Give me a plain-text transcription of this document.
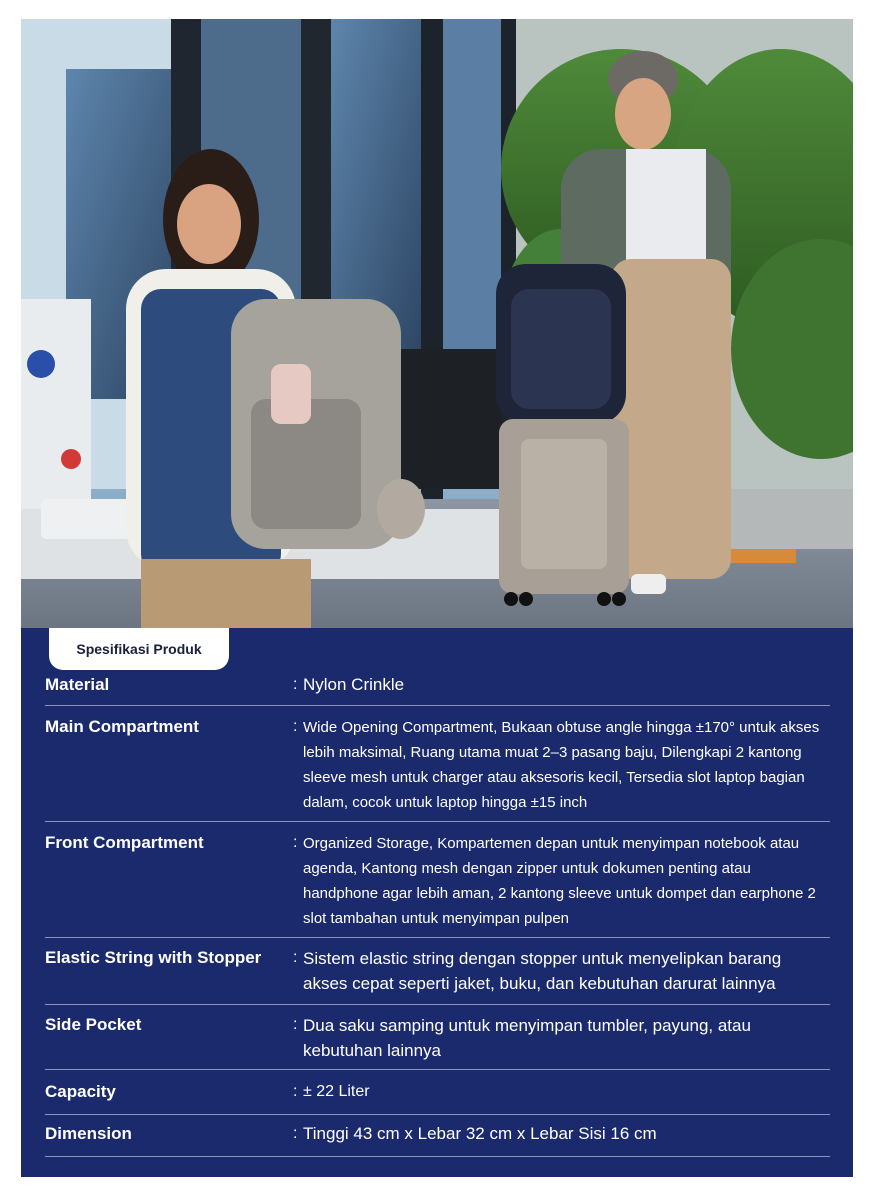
Spesifikasi Produk
Material	: Nylon Crinkle
Main Compartment	: Wide Opening Compartment, Bukaan obtuse angle hingga ±170° untuk akses lebih maksimal, Ruang utama muat 2–3 pasang baju, Dilengkapi 2 kantong sleeve mesh untuk charger atau aksesoris kecil, Tersedia slot laptop bagian dalam, cocok untuk laptop hingga ±15 inch
Front Compartment	: Organized Storage, Kompartemen depan untuk menyimpan notebook atau agenda, Kantong mesh dengan zipper untuk dokumen penting atau handphone agar lebih aman, 2 kantong sleeve untuk dompet dan earphone 2 slot tambahan untuk menyimpan pulpen
Elastic String with Stopper	: Sistem elastic string dengan stopper untuk menyelipkan barang akses cepat seperti jaket, buku, dan kebutuhan darurat lainnya
Side Pocket	: Dua saku samping untuk menyimpan tumbler, payung, atau kebutuhan lainnya
Capacity	: ± 22 Liter
Dimension	: Tinggi 43 cm x Lebar 32 cm x Lebar Sisi 16 cm
